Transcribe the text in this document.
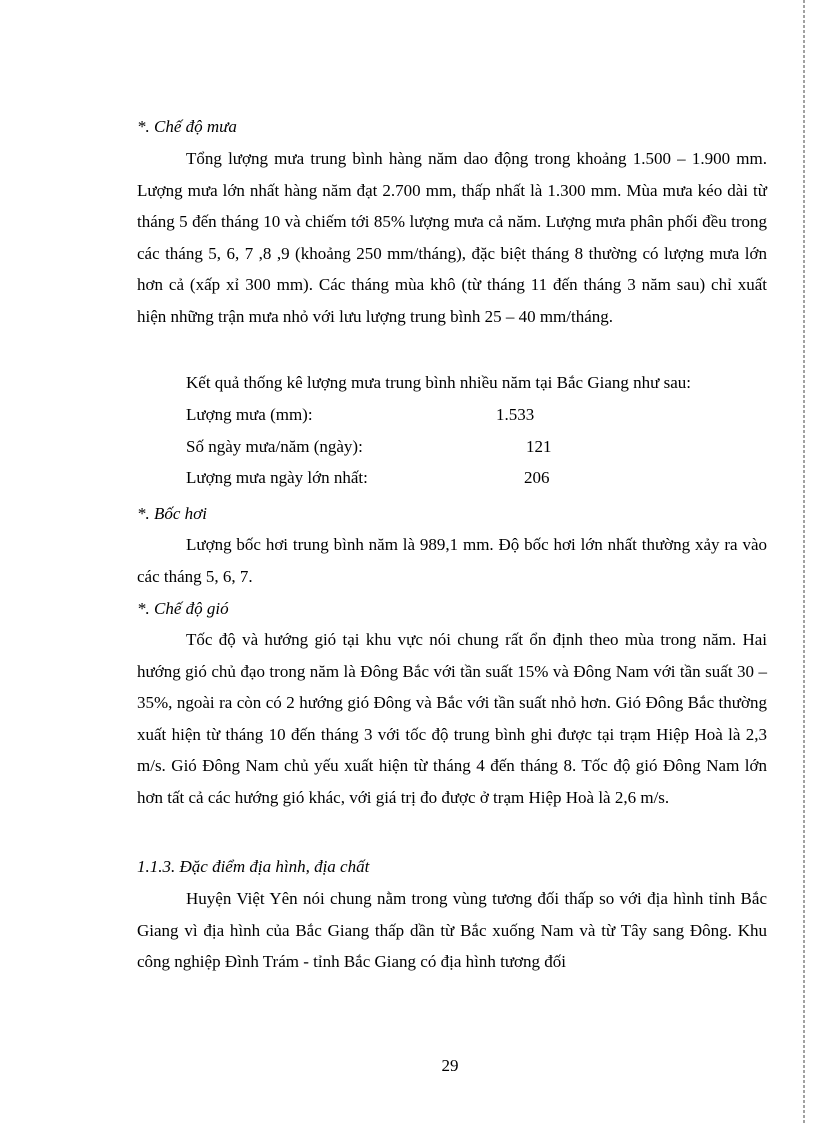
*. Chế độ mưa

Tổng lượng mưa trung bình hàng năm dao động trong khoảng 1.500 – 1.900 mm. Lượng mưa lớn nhất hàng năm đạt 2.700 mm, thấp nhất là 1.300 mm. Mùa mưa kéo dài từ tháng 5 đến tháng 10 và chiếm tới 85% lượng mưa cả năm. Lượng mưa phân phối đều trong các tháng 5, 6, 7 ,8 ,9 (khoảng 250 mm/tháng), đặc biệt tháng 8 thường có lượng mưa lớn hơn cả (xấp xỉ 300 mm). Các tháng mùa khô (từ tháng 11 đến tháng 3 năm sau) chỉ xuất hiện những trận mưa nhỏ với lưu lượng trung bình 25 – 40 mm/tháng.

Kết quả thống kê lượng mưa trung bình nhiều năm tại Bắc Giang như sau:
Lượng mưa (mm):	1.533
Số ngày mưa/năm (ngày):	121
Lượng mưa ngày lớn nhất:	206
*. Bốc hơi

Lượng bốc hơi trung bình năm là 989,1 mm. Độ bốc hơi lớn nhất thường xảy ra vào các tháng 5, 6, 7.

*. Chế độ gió

Tốc độ và hướng gió tại khu vực nói chung rất ổn định theo mùa trong năm. Hai hướng gió chủ đạo trong năm là Đông Bắc với tần suất 15% và Đông Nam với tần suất 30 – 35%, ngoài ra còn có 2 hướng gió Đông và Bắc với tần suất nhỏ hơn. Gió Đông Bắc thường xuất hiện từ tháng 10 đến tháng 3 với tốc độ trung bình ghi được tại trạm Hiệp Hoà là 2,3 m/s. Gió Đông Nam chủ yếu xuất hiện từ tháng 4 đến tháng 8. Tốc độ gió Đông Nam lớn hơn tất cả các hướng gió khác, với giá trị đo được ở trạm Hiệp Hoà là 2,6 m/s.

1.1.3. Đặc điểm địa hình, địa chất

Huyện Việt Yên nói chung nằm trong vùng tương đối thấp so với địa hình tỉnh Bắc Giang vì địa hình của Bắc Giang thấp dần từ Bắc xuống Nam và từ Tây sang Đông. Khu công nghiệp Đình Trám - tỉnh Bắc Giang có địa hình tương đối

29
